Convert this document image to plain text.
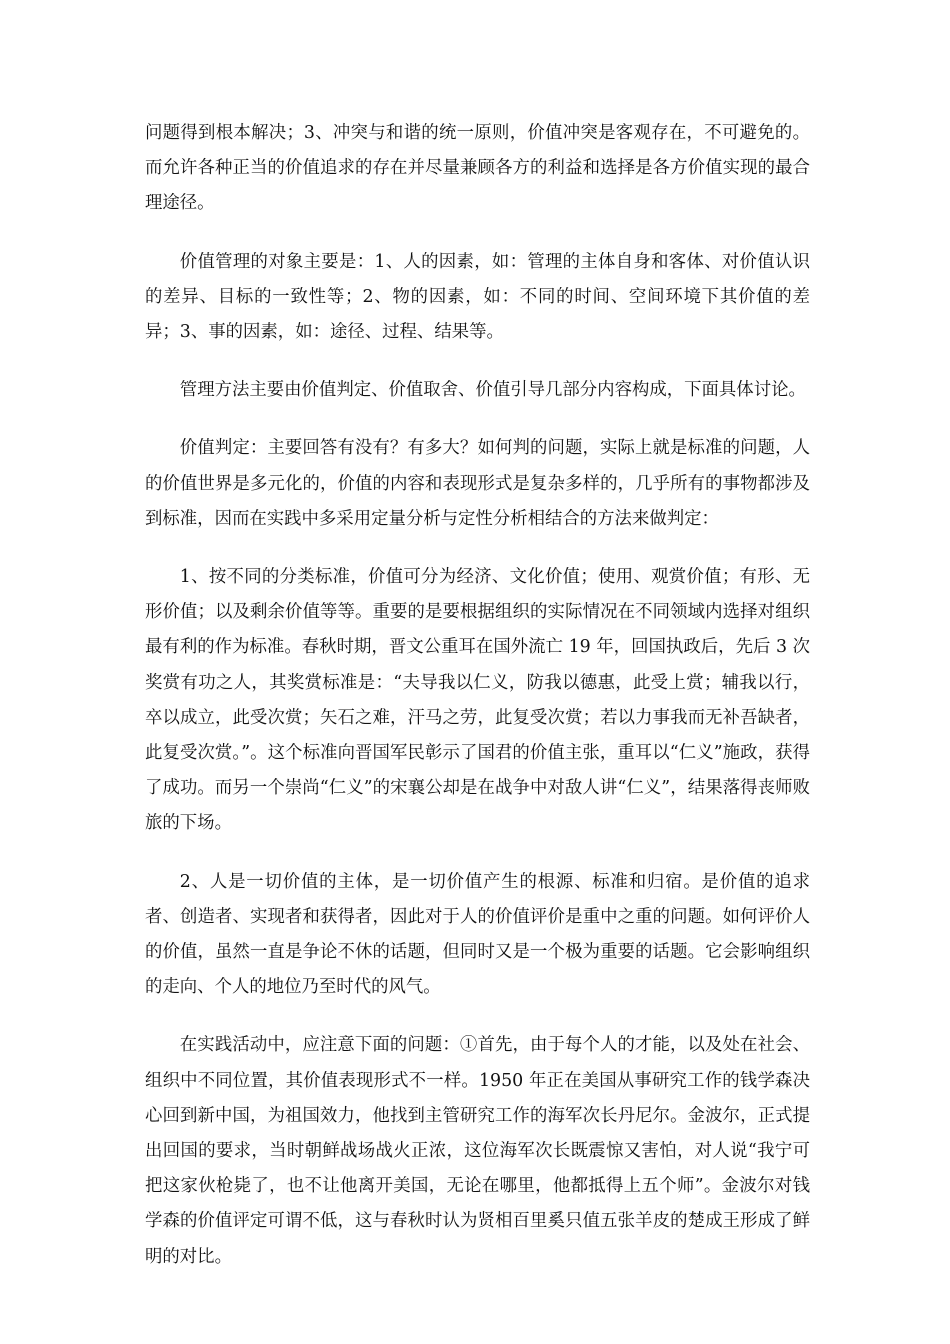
问题得到根本解决；3、冲突与和谐的统一原则，价值冲突是客观存在，不可避免的。而允许各种正当的价值追求的存在并尽量兼顾各方的利益和选择是各方价值实现的最合理途径。

价值管理的对象主要是：1、人的因素，如：管理的主体自身和客体、对价值认识的差异、目标的一致性等；2、物的因素，如：不同的时间、空间环境下其价值的差异；3、事的因素，如：途径、过程、结果等。

管理方法主要由价值判定、价值取舍、价值引导几部分内容构成，下面具体讨论。

价值判定：主要回答有没有？有多大？如何判的问题，实际上就是标准的问题，人的价值世界是多元化的，价值的内容和表现形式是复杂多样的，几乎所有的事物都涉及到标准，因而在实践中多采用定量分析与定性分析相结合的方法来做判定：

1、按不同的分类标准，价值可分为经济、文化价值；使用、观赏价值；有形、无形价值；以及剩余价值等等。重要的是要根据组织的实际情况在不同领域内选择对组织最有利的作为标准。春秋时期，晋文公重耳在国外流亡 19 年，回国执政后，先后 3 次奖赏有功之人，其奖赏标准是：“夫导我以仁义，防我以德惠，此受上赏；辅我以行，卒以成立，此受次赏；矢石之难，汗马之劳，此复受次赏；若以力事我而无补吾缺者，此复受次赏。”。这个标准向晋国军民彰示了国君的价值主张，重耳以“仁义”施政，获得了成功。而另一个崇尚“仁义”的宋襄公却是在战争中对敌人讲“仁义”，结果落得丧师败旅的下场。

2、人是一切价值的主体，是一切价值产生的根源、标准和归宿。是价值的追求者、创造者、实现者和获得者，因此对于人的价值评价是重中之重的问题。如何评价人的价值，虽然一直是争论不休的话题，但同时又是一个极为重要的话题。它会影响组织的走向、个人的地位乃至时代的风气。

在实践活动中，应注意下面的问题：①首先，由于每个人的才能，以及处在社会、组织中不同位置，其价值表现形式不一样。1950 年正在美国从事研究工作的钱学森决心回到新中国，为祖国效力，他找到主管研究工作的海军次长丹尼尔。金波尔，正式提出回国的要求，当时朝鲜战场战火正浓，这位海军次长既震惊又害怕，对人说“我宁可把这家伙枪毙了，也不让他离开美国，无论在哪里，他都抵得上五个师”。金波尔对钱学森的价值评定可谓不低，这与春秋时认为贤相百里奚只值五张羊皮的楚成王形成了鲜明的对比。
